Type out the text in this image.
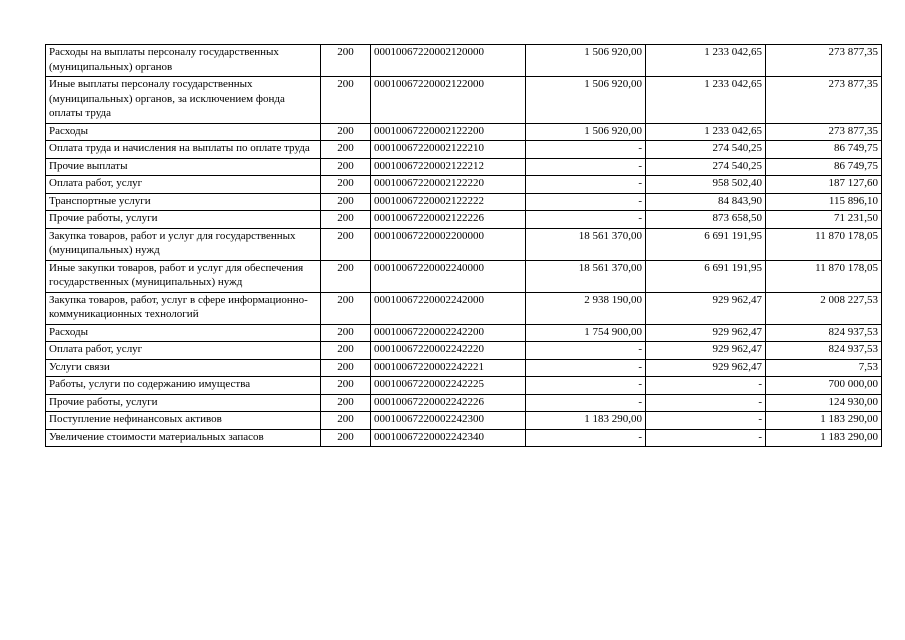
Расходы на выплаты персоналу государственных (муниципальных) органов	200	00010067220002120000	1 506 920,00	1 233 042,65	273 877,35
Иные выплаты персоналу государственных (муниципальных) органов, за исключением фонда оплаты труда	200	00010067220002122000	1 506 920,00	1 233 042,65	273 877,35
Расходы	200	00010067220002122200	1 506 920,00	1 233 042,65	273 877,35
Оплата труда и начисления на выплаты по оплате труда	200	00010067220002122210	-	274 540,25	86 749,75
Прочие выплаты	200	00010067220002122212	-	274 540,25	86 749,75
Оплата работ, услуг	200	00010067220002122220	-	958 502,40	187 127,60
Транспортные услуги	200	00010067220002122222	-	84 843,90	115 896,10
Прочие работы, услуги	200	00010067220002122226	-	873 658,50	71 231,50
Закупка товаров, работ и услуг для государственных (муниципальных) нужд	200	00010067220002200000	18 561 370,00	6 691 191,95	11 870 178,05
Иные закупки товаров, работ и услуг для обеспечения государственных (муниципальных) нужд	200	00010067220002240000	18 561 370,00	6 691 191,95	11 870 178,05
Закупка товаров, работ, услуг в сфере информационно-коммуникационных технологий	200	00010067220002242000	2 938 190,00	929 962,47	2 008 227,53
Расходы	200	00010067220002242200	1 754 900,00	929 962,47	824 937,53
Оплата работ, услуг	200	00010067220002242220	-	929 962,47	824 937,53
Услуги связи	200	00010067220002242221	-	929 962,47	7,53
Работы, услуги по содержанию имущества	200	00010067220002242225	-	-	700 000,00
Прочие работы, услуги	200	00010067220002242226	-	-	124 930,00
Поступление нефинансовых активов	200	00010067220002242300	1 183 290,00	-	1 183 290,00
Увеличение стоимости материальных запасов	200	00010067220002242340	-	-	1 183 290,00
